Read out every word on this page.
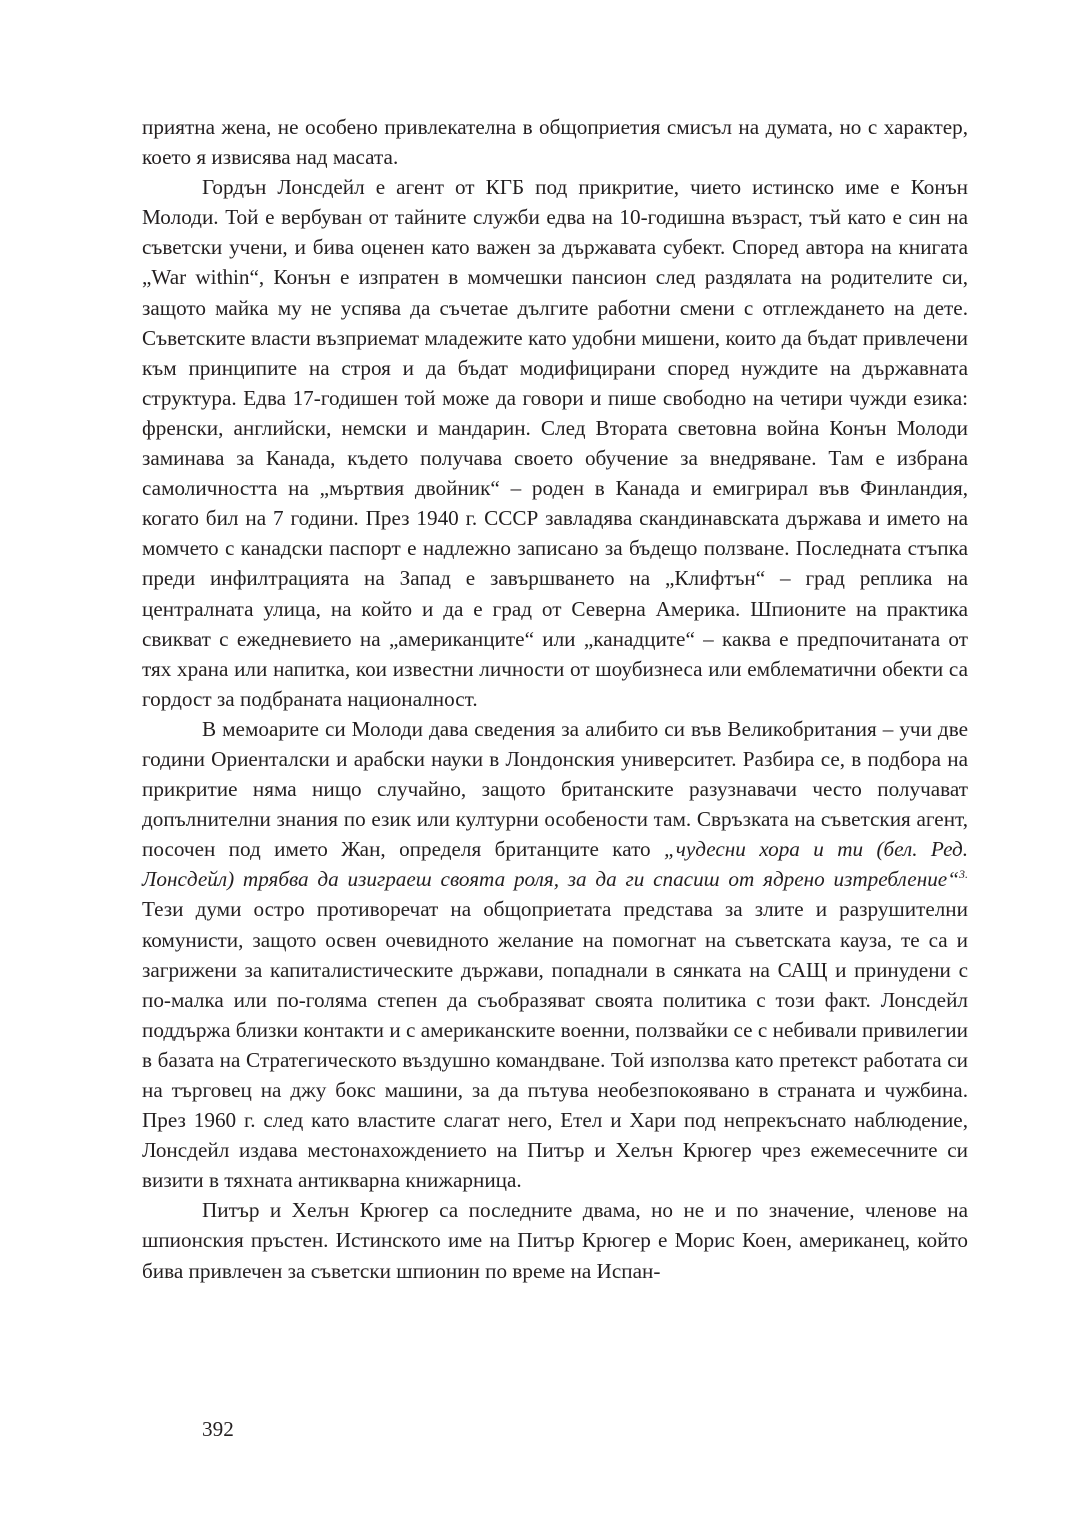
приятна жена, не особено привлекателна в общоприетия смисъл на думата, но с характер, което я извисява над масата.

Гордън Лонсдейл е агент от КГБ под прикритие, чието истинско име е Конън Молоди. Той е вербуван от тайните служби едва на 10-годишна възраст, тъй като е син на съветски учени, и бива оценен като важен за държавата субект. Според автора на книгата „War within“, Конън е изпратен в момчешки пансион след раздялата на родителите си, защото майка му не успява да съчетае дългите работни смени с отглеждането на дете. Съветските власти възприемат младежите като удобни мишени, които да бъдат привлечени към принципите на строя и да бъдат модифицирани според нуждите на държавната структура. Едва 17-годишен той може да говори и пише свободно на четири чужди езика: френски, английски, немски и мандарин. След Втората световна война Конън Молоди заминава за Канада, където получава своето обучение за внедряване. Там е избрана самоличността на „мъртвия двойник“ – роден в Канада и емигрирал във Финландия, когато бил на 7 години. През 1940 г. СССР завладява скандинавската държава и името на момчето с канадски паспорт е надлежно записано за бъдещо ползване. Последната стъпка преди инфилтрацията на Запад е завършването на „Клифтън“ – град реплика на централната улица, на който и да е град от Северна Америка. Шпионите на практика свикват с ежедневието на „американците“ или „канадците“ – каква е предпочитаната от тях храна или напитка, кои известни личности от шоубизнеса или емблематични обекти са гордост за подбраната националност.

В мемоарите си Молоди дава сведения за алибито си във Великобритания – учи две години Ориенталски и арабски науки в Лондонския университет. Разбира се, в подбора на прикритие няма нищо случайно, защото британските разузнавачи често получават допълнителни знания по език или културни особености там. Свръзката на съветския агент, посочен под името Жан, определя британците като „чудесни хора и ти (бел. Ред. Лонсдейл) трябва да изиграеш своята роля, за да ги спасиш от ядрено изтребление“$^{3.}$ Тези думи остро противоречат на общоприетата представа за злите и разрушителни комунисти, защото освен очевидното желание на помогнат на съветската кауза, те са и загрижени за капиталистическите държави, попаднали в сянката на САЩ и принудени с по-малка или по-голяма степен да съобразяват своята политика с този факт. Лонсдейл поддържа близки контакти и с американските военни, ползвайки се с небивали привилегии в базата на Стратегическото въздушно командване. Той използва като претекст работата си на търговец на джу бокс машини, за да пътува необезпокоявано в страната и чужбина. През 1960 г. след като властите слагат него, Етел и Хари под непрекъснато наблюдение, Лонсдейл издава местонахождението на Питър и Хелън Крюгер чрез ежемесечните си визити в тяхната антикварна книжарница.

Питър и Хелън Крюгер са последните двама, но не и по значение, членове на шпионския пръстен. Истинското име на Питър Крюгер е Морис Коен, американец, който бива привлечен за съветски шпионин по време на Испан-

392
